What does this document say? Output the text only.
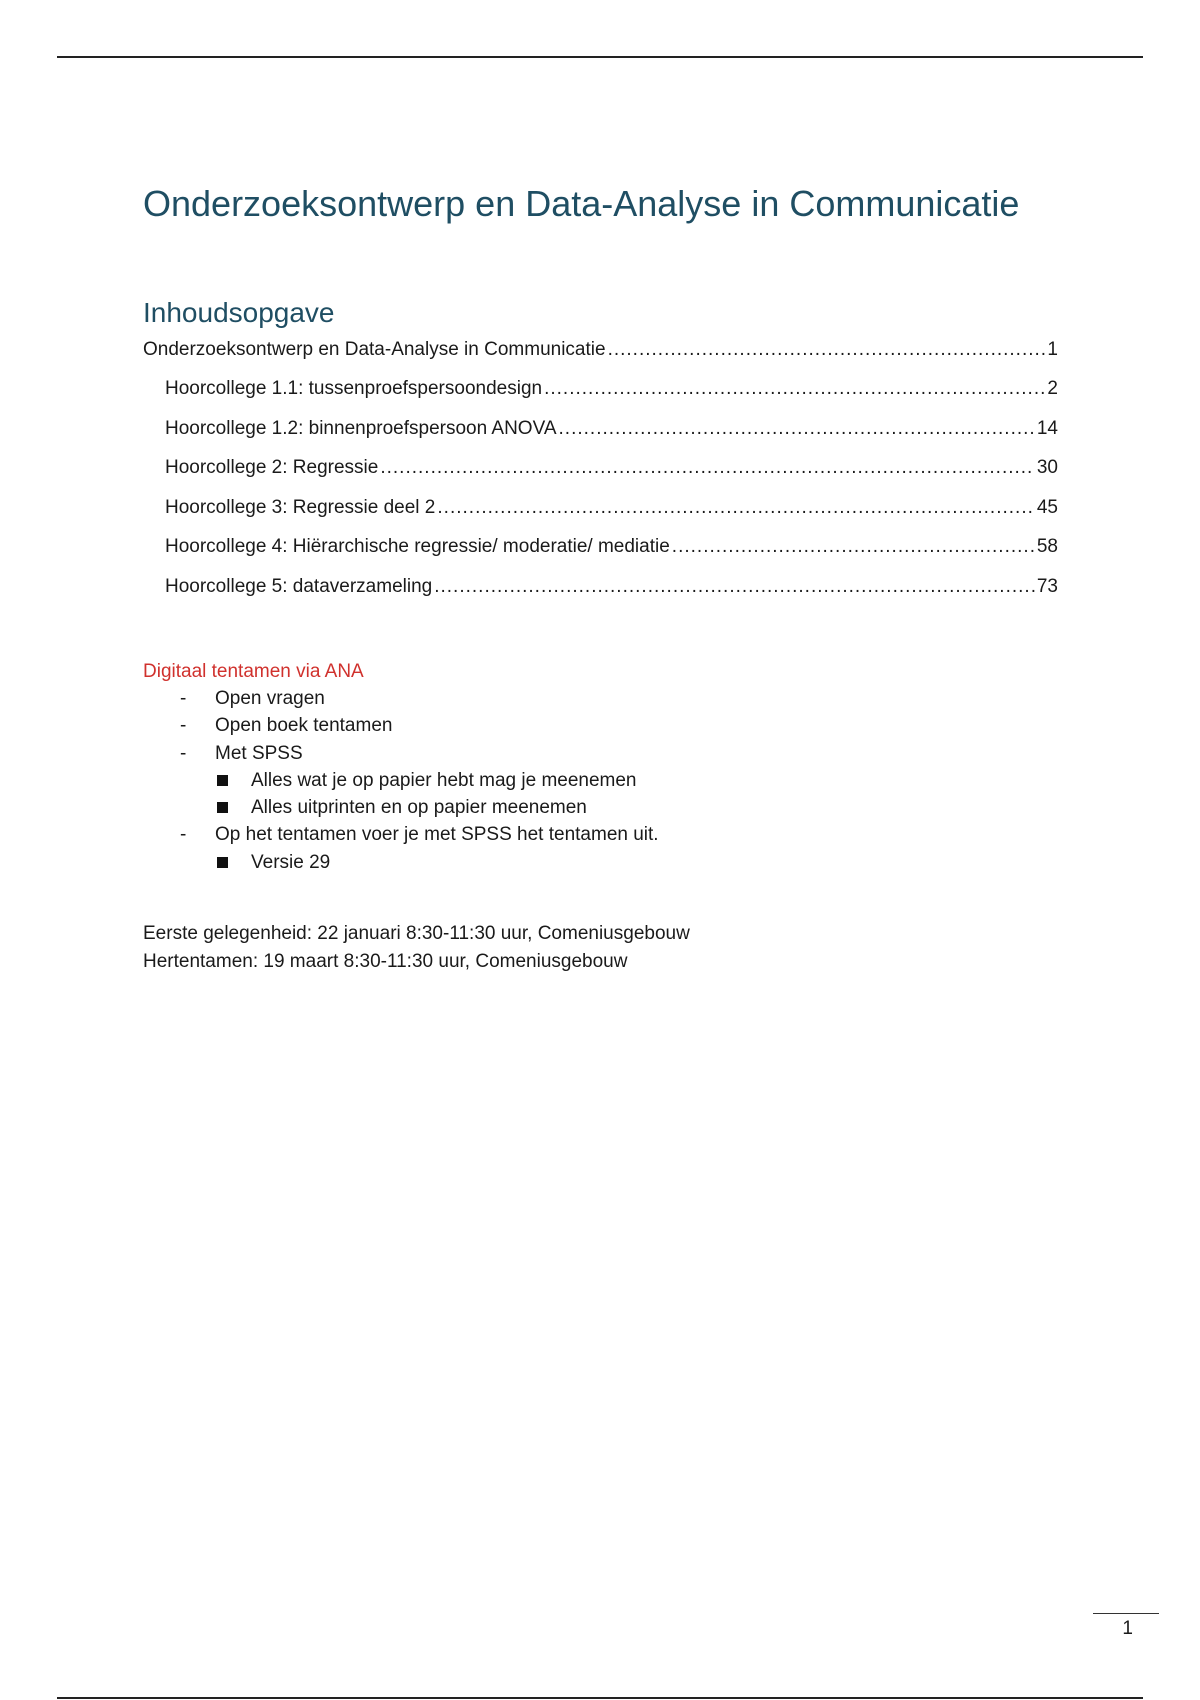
Onderzoeksontwerp en Data-Analyse in Communicatie
Inhoudsopgave
Onderzoeksontwerp en Data-Analyse in Communicatie .....	1
Hoorcollege 1.1: tussenproefspersoondesign .....	2
Hoorcollege 1.2: binnenproefspersoon ANOVA .....	14
Hoorcollege 2: Regressie .....	30
Hoorcollege 3: Regressie deel 2 .....	45
Hoorcollege 4: Hiërarchische regressie/ moderatie/ mediatie .....	58
Hoorcollege 5: dataverzameling .....	73
Digitaal tentamen via ANA
- Open vragen
- Open boek tentamen
- Met SPSS
Alles wat je op papier hebt mag je meenemen
Alles uitprinten en op papier meenemen
- Op het tentamen voer je met SPSS het tentamen uit.
Versie 29
Eerste gelegenheid: 22 januari 8:30-11:30 uur, Comeniusgebouw
Hertentamen: 19 maart 8:30-11:30 uur, Comeniusgebouw
1
